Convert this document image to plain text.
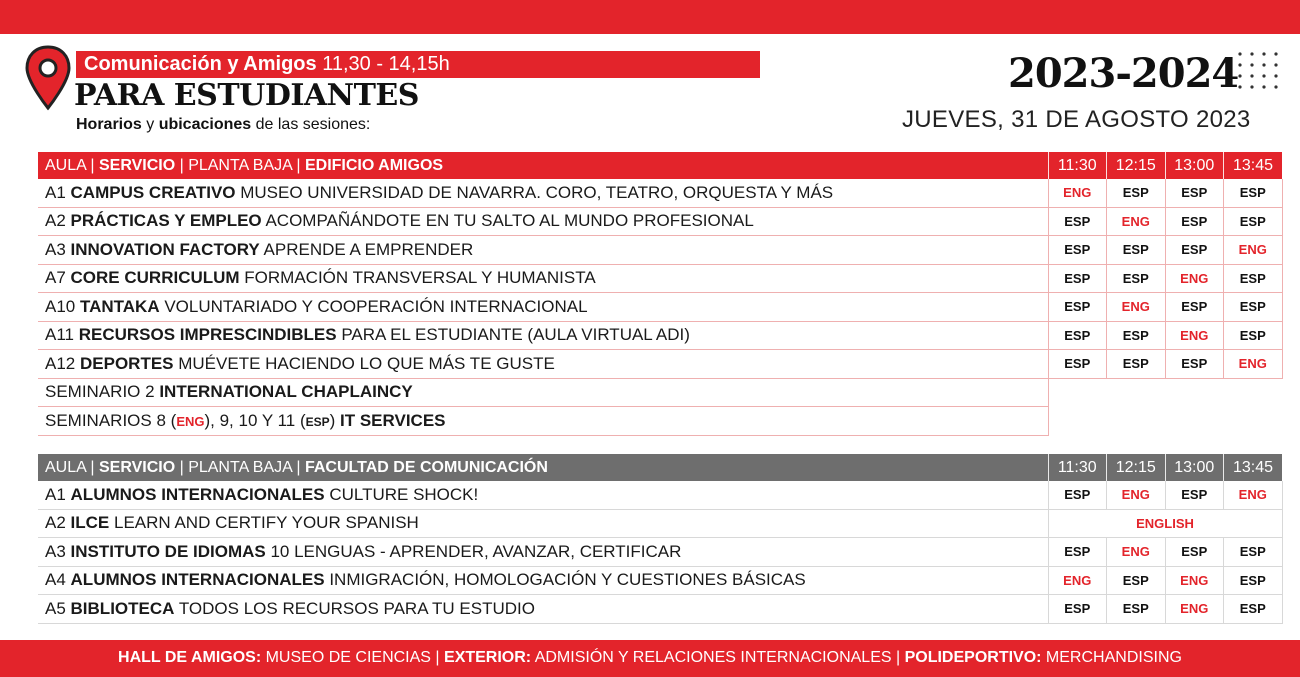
Comunicación y Amigos 11,30 - 14,15h
PARA ESTUDIANTES
Horarios y ubicaciones de las sesiones:
2023-2024
JUEVES, 31 DE AGOSTO 2023
AULA | SERVICIO | PLANTA BAJA | EDIFICIO AMIGOS	11:30	12:15	13:00	13:45
A1 CAMPUS CREATIVO MUSEO UNIVERSIDAD DE NAVARRA. CORO, TEATRO, ORQUESTA Y MÁS	ENG	ESP	ESP	ESP
A2 PRÁCTICAS Y EMPLEO ACOMPAÑÁNDOTE EN TU SALTO AL MUNDO PROFESIONAL	ESP	ENG	ESP	ESP
A3 INNOVATION FACTORY APRENDE A EMPRENDER	ESP	ESP	ESP	ENG
A7 CORE CURRICULUM FORMACIÓN TRANSVERSAL Y HUMANISTA	ESP	ESP	ENG	ESP
A10 TANTAKA VOLUNTARIADO Y COOPERACIÓN INTERNACIONAL	ESP	ENG	ESP	ESP
A11 RECURSOS IMPRESCINDIBLES PARA EL ESTUDIANTE (AULA VIRTUAL ADI)	ESP	ESP	ENG	ESP
A12 DEPORTES MUÉVETE HACIENDO LO QUE MÁS TE GUSTE	ESP	ESP	ESP	ENG
SEMINARIO 2 INTERNATIONAL CHAPLAINCY				
SEMINARIOS 8 (ENG), 9, 10 Y 11 (ESP) IT SERVICES				
AULA | SERVICIO | PLANTA BAJA | FACULTAD DE COMUNICACIÓN	11:30	12:15	13:00	13:45
A1 ALUMNOS INTERNACIONALES CULTURE SHOCK!	ESP	ENG	ESP	ENG
A2 ILCE LEARN AND CERTIFY YOUR SPANISH	ENGLISH			
A3 INSTITUTO DE IDIOMAS 10 LENGUAS - APRENDER, AVANZAR, CERTIFICAR	ESP	ENG	ESP	ESP
A4 ALUMNOS INTERNACIONALES INMIGRACIÓN, HOMOLOGACIÓN Y CUESTIONES BÁSICAS	ENG	ESP	ENG	ESP
A5 BIBLIOTECA TODOS LOS RECURSOS PARA TU ESTUDIO	ESP	ESP	ENG	ESP
HALL DE AMIGOS: MUSEO DE CIENCIAS | EXTERIOR: ADMISIÓN Y RELACIONES INTERNACIONALES | POLIDEPORTIVO: MERCHANDISING
